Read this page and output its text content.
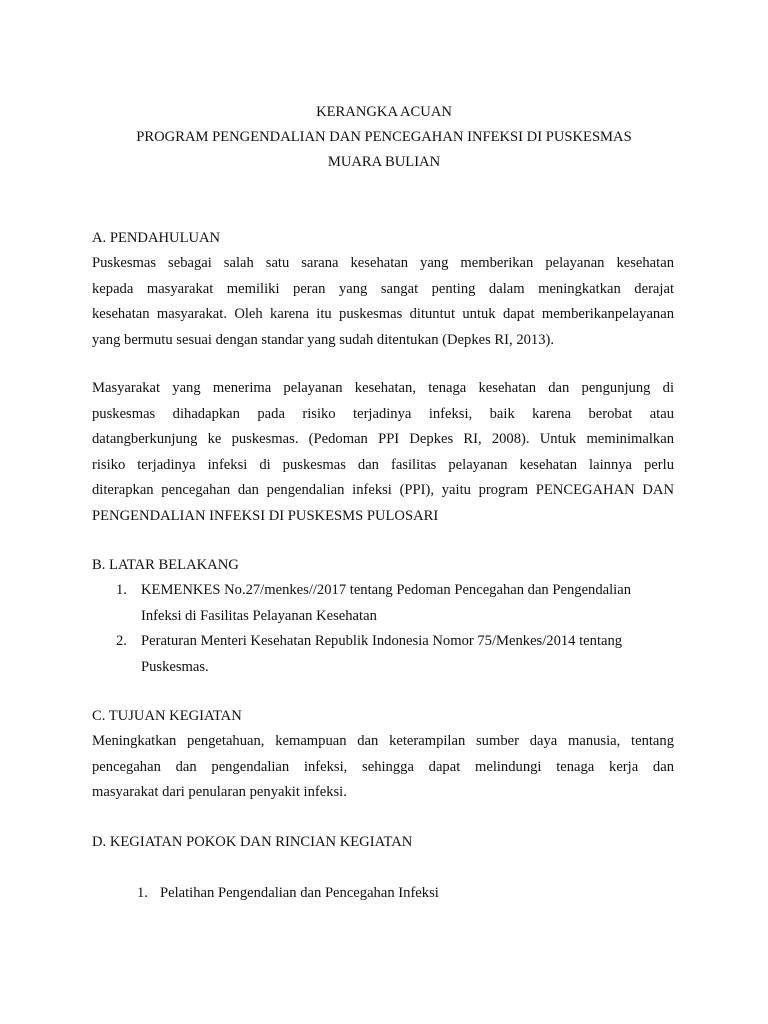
KERANGKA ACUAN
PROGRAM PENGENDALIAN DAN PENCEGAHAN INFEKSI DI PUSKESMAS
MUARA BULIAN
A. PENDAHULUAN
Puskesmas sebagai salah satu sarana kesehatan yang memberikan pelayanan kesehatan
kepada masyarakat memiliki peran yang sangat penting dalam meningkatkan derajat
kesehatan masyarakat. Oleh karena itu puskesmas dituntut untuk dapat memberikanpelayanan
yang bermutu sesuai dengan standar yang sudah ditentukan (Depkes RI, 2013).
Masyarakat yang menerima pelayanan kesehatan, tenaga kesehatan dan pengunjung di
puskesmas dihadapkan pada risiko terjadinya infeksi, baik karena berobat atau
datangberkunjung ke puskesmas. (Pedoman PPI Depkes RI, 2008). Untuk meminimalkan
risiko terjadinya infeksi di puskesmas dan fasilitas pelayanan kesehatan lainnya perlu
diterapkan pencegahan dan pengendalian infeksi (PPI), yaitu program PENCEGAHAN DAN
PENGENDALIAN INFEKSI DI PUSKESMS PULOSARI
B. LATAR BELAKANG
1. KEMENKES No.27/menkes//2017 tentang Pedoman Pencegahan dan Pengendalian
Infeksi di Fasilitas Pelayanan Kesehatan
2. Peraturan Menteri Kesehatan Republik Indonesia Nomor 75/Menkes/2014 tentang
Puskesmas.
C. TUJUAN KEGIATAN
Meningkatkan pengetahuan, kemampuan dan keterampilan sumber daya manusia, tentang
pencegahan dan pengendalian infeksi, sehingga dapat melindungi tenaga kerja dan
masyarakat dari penularan penyakit infeksi.
D. KEGIATAN POKOK DAN RINCIAN KEGIATAN
1. Pelatihan Pengendalian dan Pencegahan Infeksi
